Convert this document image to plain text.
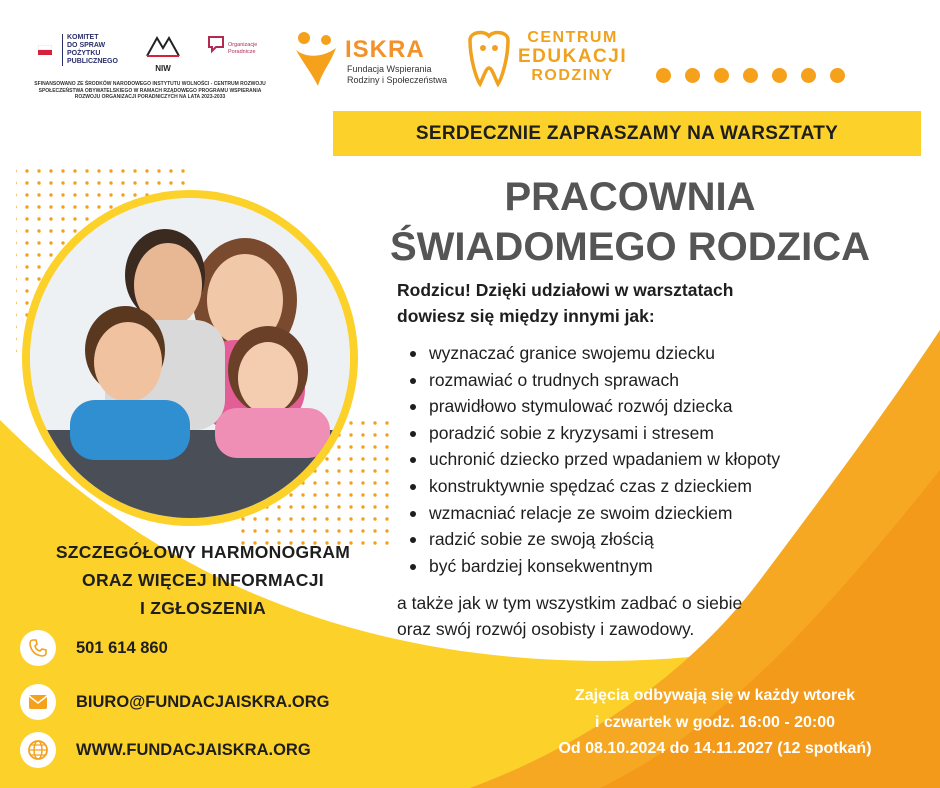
KOMITET
DO SPRAW
POŻYTKU
PUBLICZNEGO
NIW
Organizacje Poradnicze
SFINANSOWANO ZE ŚRODKÓW NARODOWEGO INSTYTUTU WOLNOŚCI - CENTRUM ROZWOJU SPOŁECZEŃSTWA OBYWATELSKIEGO W RAMACH RZĄDOWEGO PROGRAMU WSPIERANIA ROZWOJU ORGANIZACJI PORADNICZYCH NA LATA 2023-2033
ISKRA
Fundacja Wspierania
Rodziny i Społeczeństwa
CENTRUM
EDUKACJI
RODZINY
SERDECZNIE ZAPRASZAMY NA WARSZTATY
PRACOWNIA
ŚWIADOMEGO RODZICA
Rodzicu! Dzięki udziałowi w warsztatach
dowiesz się między innymi jak:
wyznaczać granice swojemu dziecku
rozmawiać o trudnych sprawach
prawidłowo stymulować rozwój dziecka
poradzić sobie z kryzysami i stresem
uchronić dziecko przed wpadaniem w kłopoty
konstruktywnie spędzać czas z dzieckiem
wzmacniać relacje ze swoim dzieckiem
radzić sobie ze swoją złością
być bardziej konsekwentnym
a także jak w tym wszystkim zadbać o siebie
oraz swój rozwój osobisty i zawodowy.
SZCZEGÓŁOWY HARMONOGRAM
ORAZ WIĘCEJ INFORMACJI
I ZGŁOSZENIA
501 614 860
BIURO@FUNDACJAISKRA.ORG
WWW.FUNDACJAISKRA.ORG
Zajęcia odbywają się w każdy wtorek
i czwartek w godz. 16:00 - 20:00
Od 08.10.2024 do 14.11.2027 (12 spotkań)
